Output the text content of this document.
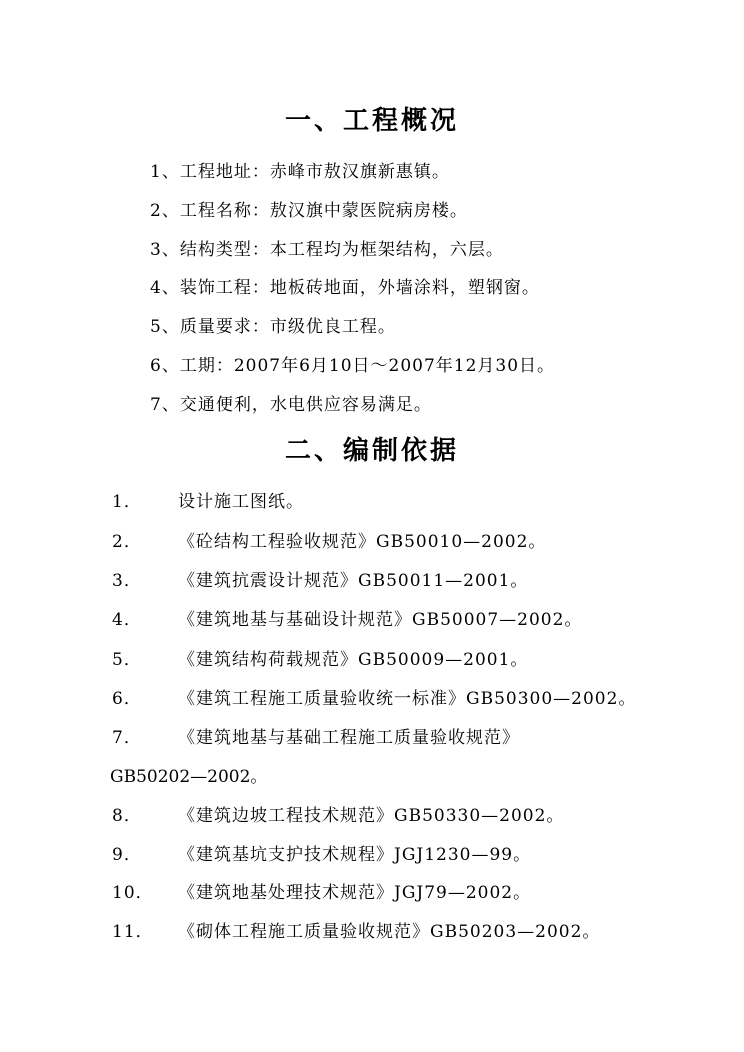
一、工程概况
1、工程地址：赤峰市敖汉旗新惠镇。
2、工程名称：敖汉旗中蒙医院病房楼。
3、结构类型：本工程均为框架结构，六层。
4、装饰工程：地板砖地面，外墙涂料，塑钢窗。
5、质量要求：市级优良工程。
6、工期：2007年6月10日～2007年12月30日。
7、交通便利，水电供应容易满足。
二、编制依据
1． 设计施工图纸。
2． 《砼结构工程验收规范》GB50010—2002。
3． 《建筑抗震设计规范》GB50011—2001。
4． 《建筑地基与基础设计规范》GB50007—2002。
5． 《建筑结构荷载规范》GB50009—2001。
6． 《建筑工程施工质量验收统一标准》GB50300—2002。
7． 《建筑地基与基础工程施工质量验收规范》
GB50202—2002。
8． 《建筑边坡工程技术规范》GB50330—2002。
9． 《建筑基坑支护技术规程》JGJ1230—99。
10． 《建筑地基处理技术规范》JGJ79—2002。
11． 《砌体工程施工质量验收规范》GB50203—2002。
